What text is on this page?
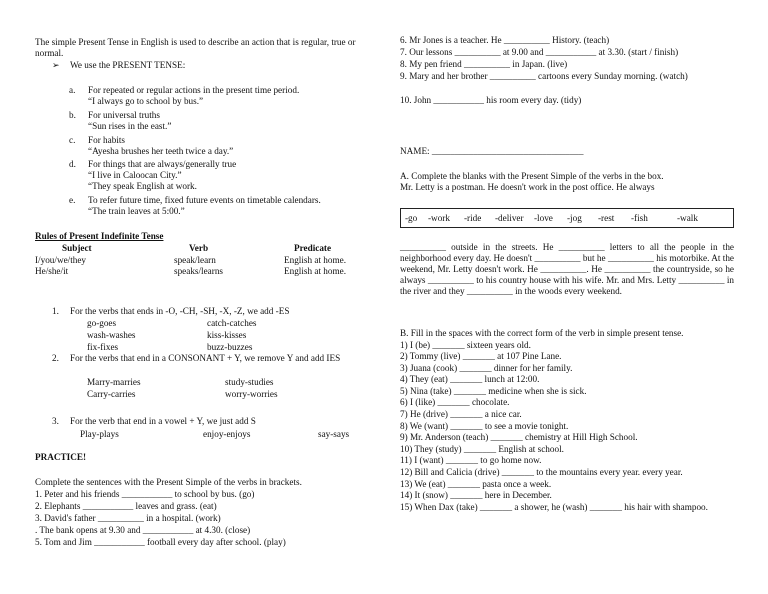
The simple Present Tense in English is used to describe an action that is regular, true or normal.
➢ We use the PRESENT TENSE:
a. For repeated or regular actions in the present time period.
“I always go to school by bus.”
b. For universal truths
“Sun rises in the east.”
c. For habits
“Ayesha brushes her teeth twice a day.”
d. For things that are always/generally true
“I live in Caloocan City.”
“They speak English at work.
e. To refer future time, fixed future events on timetable calendars.
“The train leaves at 5:00.”
Rules of Present Indefinite Tense
Subject	Verb	Predicate
I/you/we/they	speak/learn	English at home.
He/she/it	speaks/learns	English at home.
1. For the verbs that ends in -O, -CH, -SH, -X, -Z, we add -ES
go-goes	catch-catches
wash-washes	kiss-kisses
fix-fixes	buzz-buzzes
2. For the verbs that end in a CONSONANT + Y, we remove Y and add IES
Marry-marries	study-studies
Carry-carries	worry-worries
3. For the verb that end in a vowel + Y, we just add S
Play-plays	enjoy-enjoys	say-says
PRACTICE!
Complete the sentences with the Present Simple of the verbs in brackets.
1. Peter and his friends ___________ to school by bus. (go)
2. Elephants ___________ leaves and grass. (eat)
3. David's father __________ in a hospital. (work)
. The bank opens at 9.30 and ___________ at 4.30. (close)
5. Tom and Jim ___________ football every day after school. (play)
6. Mr Jones is a teacher. He __________ History. (teach)
7. Our lessons __________ at 9.00 and ___________ at 3.30. (start / finish)
8. My pen friend __________ in Japan. (live)
9. Mary and her brother __________ cartoons every Sunday morning. (watch)
10. John ___________ his room every day. (tidy)
NAME: _________________________________
A. Complete the blanks with the Present Simple of the verbs in the box.
Mr. Letty is a postman. He doesn't work in the post office. He always
-go -work -ride -deliver -love -jog -rest -fish	-walk
__________ outside in the streets. He __________ letters to all the people in the neighborhood every day. He doesn't __________ but he __________ his motorbike. At the weekend, Mr. Letty doesn't work. He __________. He __________ the countryside, so he always __________ to his country house with his wife. Mr. and Mrs. Letty __________ in the river and they __________ in the woods every weekend.
B. Fill in the spaces with the correct form of the verb in simple present tense.
1) I (be) _______ sixteen years old.
2) Tommy (live) _______ at 107 Pine Lane.
3) Juana (cook) _______ dinner for her family.
4) They (eat) _______ lunch at 12:00.
5) Nina (take) _______ medicine when she is sick.
6) I (like) _______ chocolate.
7) He (drive) _______ a nice car.
8) We (want) _______ to see a movie tonight.
9) Mr. Anderson (teach) _______ chemistry at Hill High School.
10) They (study) _______ English at school.
11) I (want) _______ to go home now.
12) Bill and Calicia (drive) _______ to the mountains every year. every year.
13) We (eat) _______ pasta once a week.
14) It (snow) _______ here in December.
15) When Dax (take) _______ a shower, he (wash) _______ his hair with shampoo.
